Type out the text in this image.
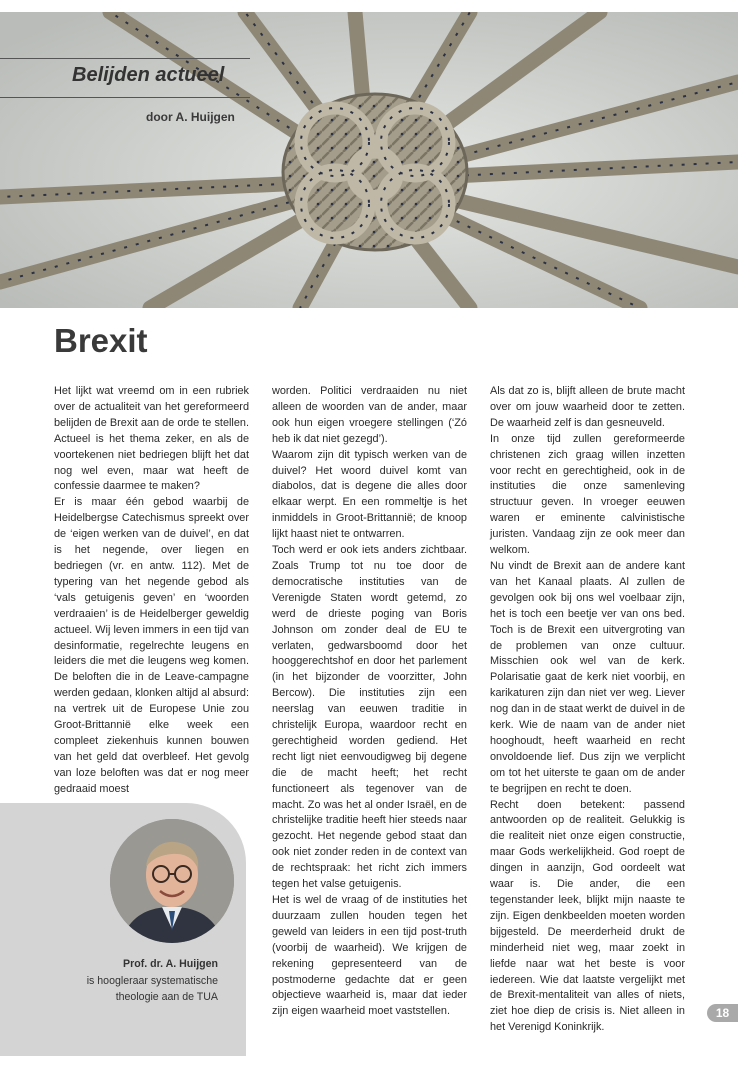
Belijden actueel
door A. Huijgen
Brexit

Het lijkt wat vreemd om in een rubriek over de actualiteit van het gereformeerd belijden de Brexit aan de orde te stellen. Actueel is het thema zeker, en als de voortekenen niet bedriegen blijft het dat nog wel even, maar wat heeft de confessie daarmee te maken?

Er is maar één gebod waarbij de Heidelbergse Catechismus spreekt over de ‘eigen werken van de duivel’, en dat is het negende, over liegen en bedriegen (vr. en antw. 112). Met de typering van het negende gebod als ‘vals getuigenis geven’ en ‘woorden verdraaien’ is de Heidelberger geweldig actueel. Wij leven immers in een tijd van desinformatie, regelrechte leugens en leiders die met die leugens weg komen. De beloften die in de Leave-campagne werden gedaan, klonken altijd al absurd: na vertrek uit de Europese Unie zou Groot-Brittannië elke week een compleet ziekenhuis kunnen bouwen van het geld dat overbleef. Het gevolg van loze beloften was dat er nog meer gedraaid moest

worden. Politici verdraaiden nu niet alleen de woorden van de ander, maar ook hun eigen vroegere stellingen (‘Zó heb ik dat niet gezegd’).

Waarom zijn dit typisch werken van de duivel? Het woord duivel komt van diabolos, dat is degene die alles door elkaar werpt. En een rommeltje is het inmiddels in Groot-Brittannië; de knoop lijkt haast niet te ontwarren.

Toch werd er ook iets anders zichtbaar. Zoals Trump tot nu toe door de democratische instituties van de Verenigde Staten wordt getemd, zo werd de drieste poging van Boris Johnson om zonder deal de EU te verlaten, gedwarsboomd door het hooggerechtshof en door het parlement (in het bijzonder de voorzitter, John Bercow). Die instituties zijn een neerslag van eeuwen traditie in christelijk Europa, waardoor recht en gerechtigheid worden gediend. Het recht ligt niet eenvoudigweg bij degene die de macht heeft; het recht functioneert als tegenover van de macht. Zo was het al onder Israël, en de christelijke traditie heeft hier steeds naar gezocht. Het negende gebod staat dan ook niet zonder reden in de context van de rechtspraak: het richt zich immers tegen het valse getuigenis.

Het is wel de vraag of de instituties het duurzaam zullen houden tegen het geweld van leiders in een tijd post-truth (voorbij de waarheid). We krijgen de rekening gepresenteerd van de postmoderne gedachte dat er geen objectieve waarheid is, maar dat ieder zijn eigen waarheid moet vaststellen.

Als dat zo is, blijft alleen de brute macht over om jouw waarheid door te zetten. De waarheid zelf is dan gesneuveld.

In onze tijd zullen gereformeerde christenen zich graag willen inzetten voor recht en gerechtigheid, ook in de instituties die onze samenleving structuur geven. In vroeger eeuwen waren er eminente calvinistische juristen. Vandaag zijn ze ook meer dan welkom.

Nu vindt de Brexit aan de andere kant van het Kanaal plaats. Al zullen de gevolgen ook bij ons wel voelbaar zijn, het is toch een beetje ver van ons bed. Toch is de Brexit een uitvergroting van de problemen van onze cultuur. Misschien ook wel van de kerk. Polarisatie gaat de kerk niet voorbij, en karikaturen zijn dan niet ver weg. Liever nog dan in de staat werkt de duivel in de kerk. Wie de naam van de ander niet hooghoudt, heeft waarheid en recht onvoldoende lief. Dus zijn we verplicht om tot het uiterste te gaan om de ander te begrijpen en recht te doen.

Recht doen betekent: passend antwoorden op de realiteit. Gelukkig is die realiteit niet onze eigen constructie, maar Gods werkelijkheid. God roept de dingen in aanzijn, God oordeelt wat waar is. Die ander, die een tegenstander leek, blijkt mijn naaste te zijn. Eigen denkbeelden moeten worden bijgesteld. De meerderheid drukt de minderheid niet weg, maar zoekt in liefde naar wat het beste is voor iedereen. Wie dat laatste vergelijkt met de Brexit-mentaliteit van alles of niets, ziet hoe diep de crisis is. Niet alleen in het Verenigd Koninkrijk.

Prof. dr. A. Huijgen
is hoogleraar systematische
theologie aan de TUA
18
